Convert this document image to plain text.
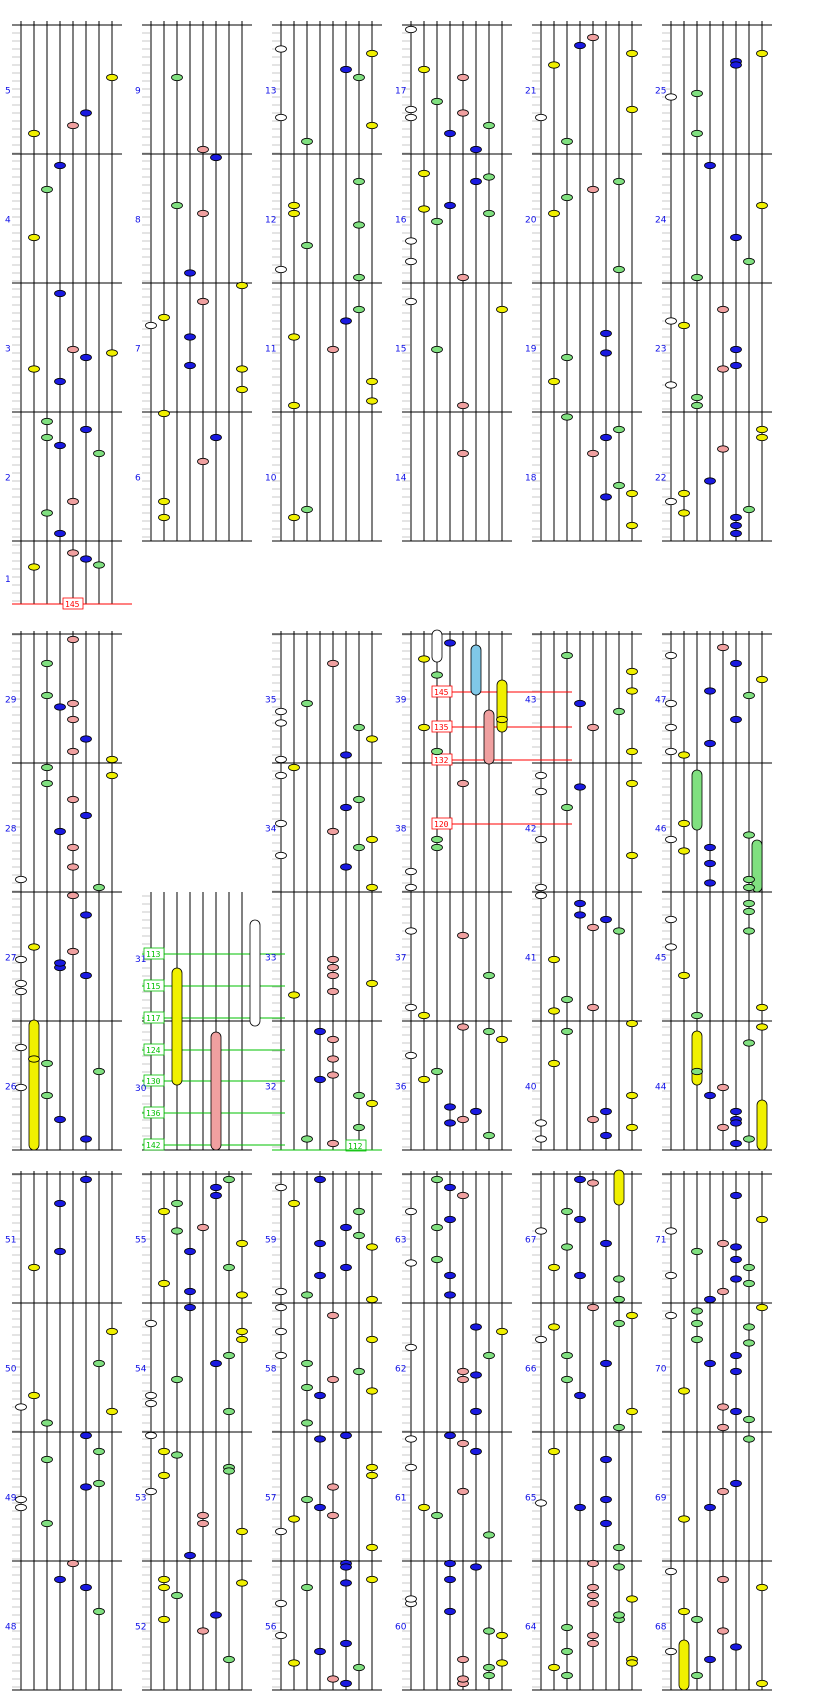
145
145
135
132
120
113
115
117
124
130
136
142	112
2
3
4
5
6
7
8
9
10
11
12
13
14
15
16
17
18
19
20
21
22
23
24
25
26
27
28
29
32
33
34
35
36
37
38
39
40
41
42
43
44
45
46
47
48
49
50
51
52
53
54
55
56
57
58
59
60
61
62
63
64
65
66
67
68
69
70
71
1
31
30
